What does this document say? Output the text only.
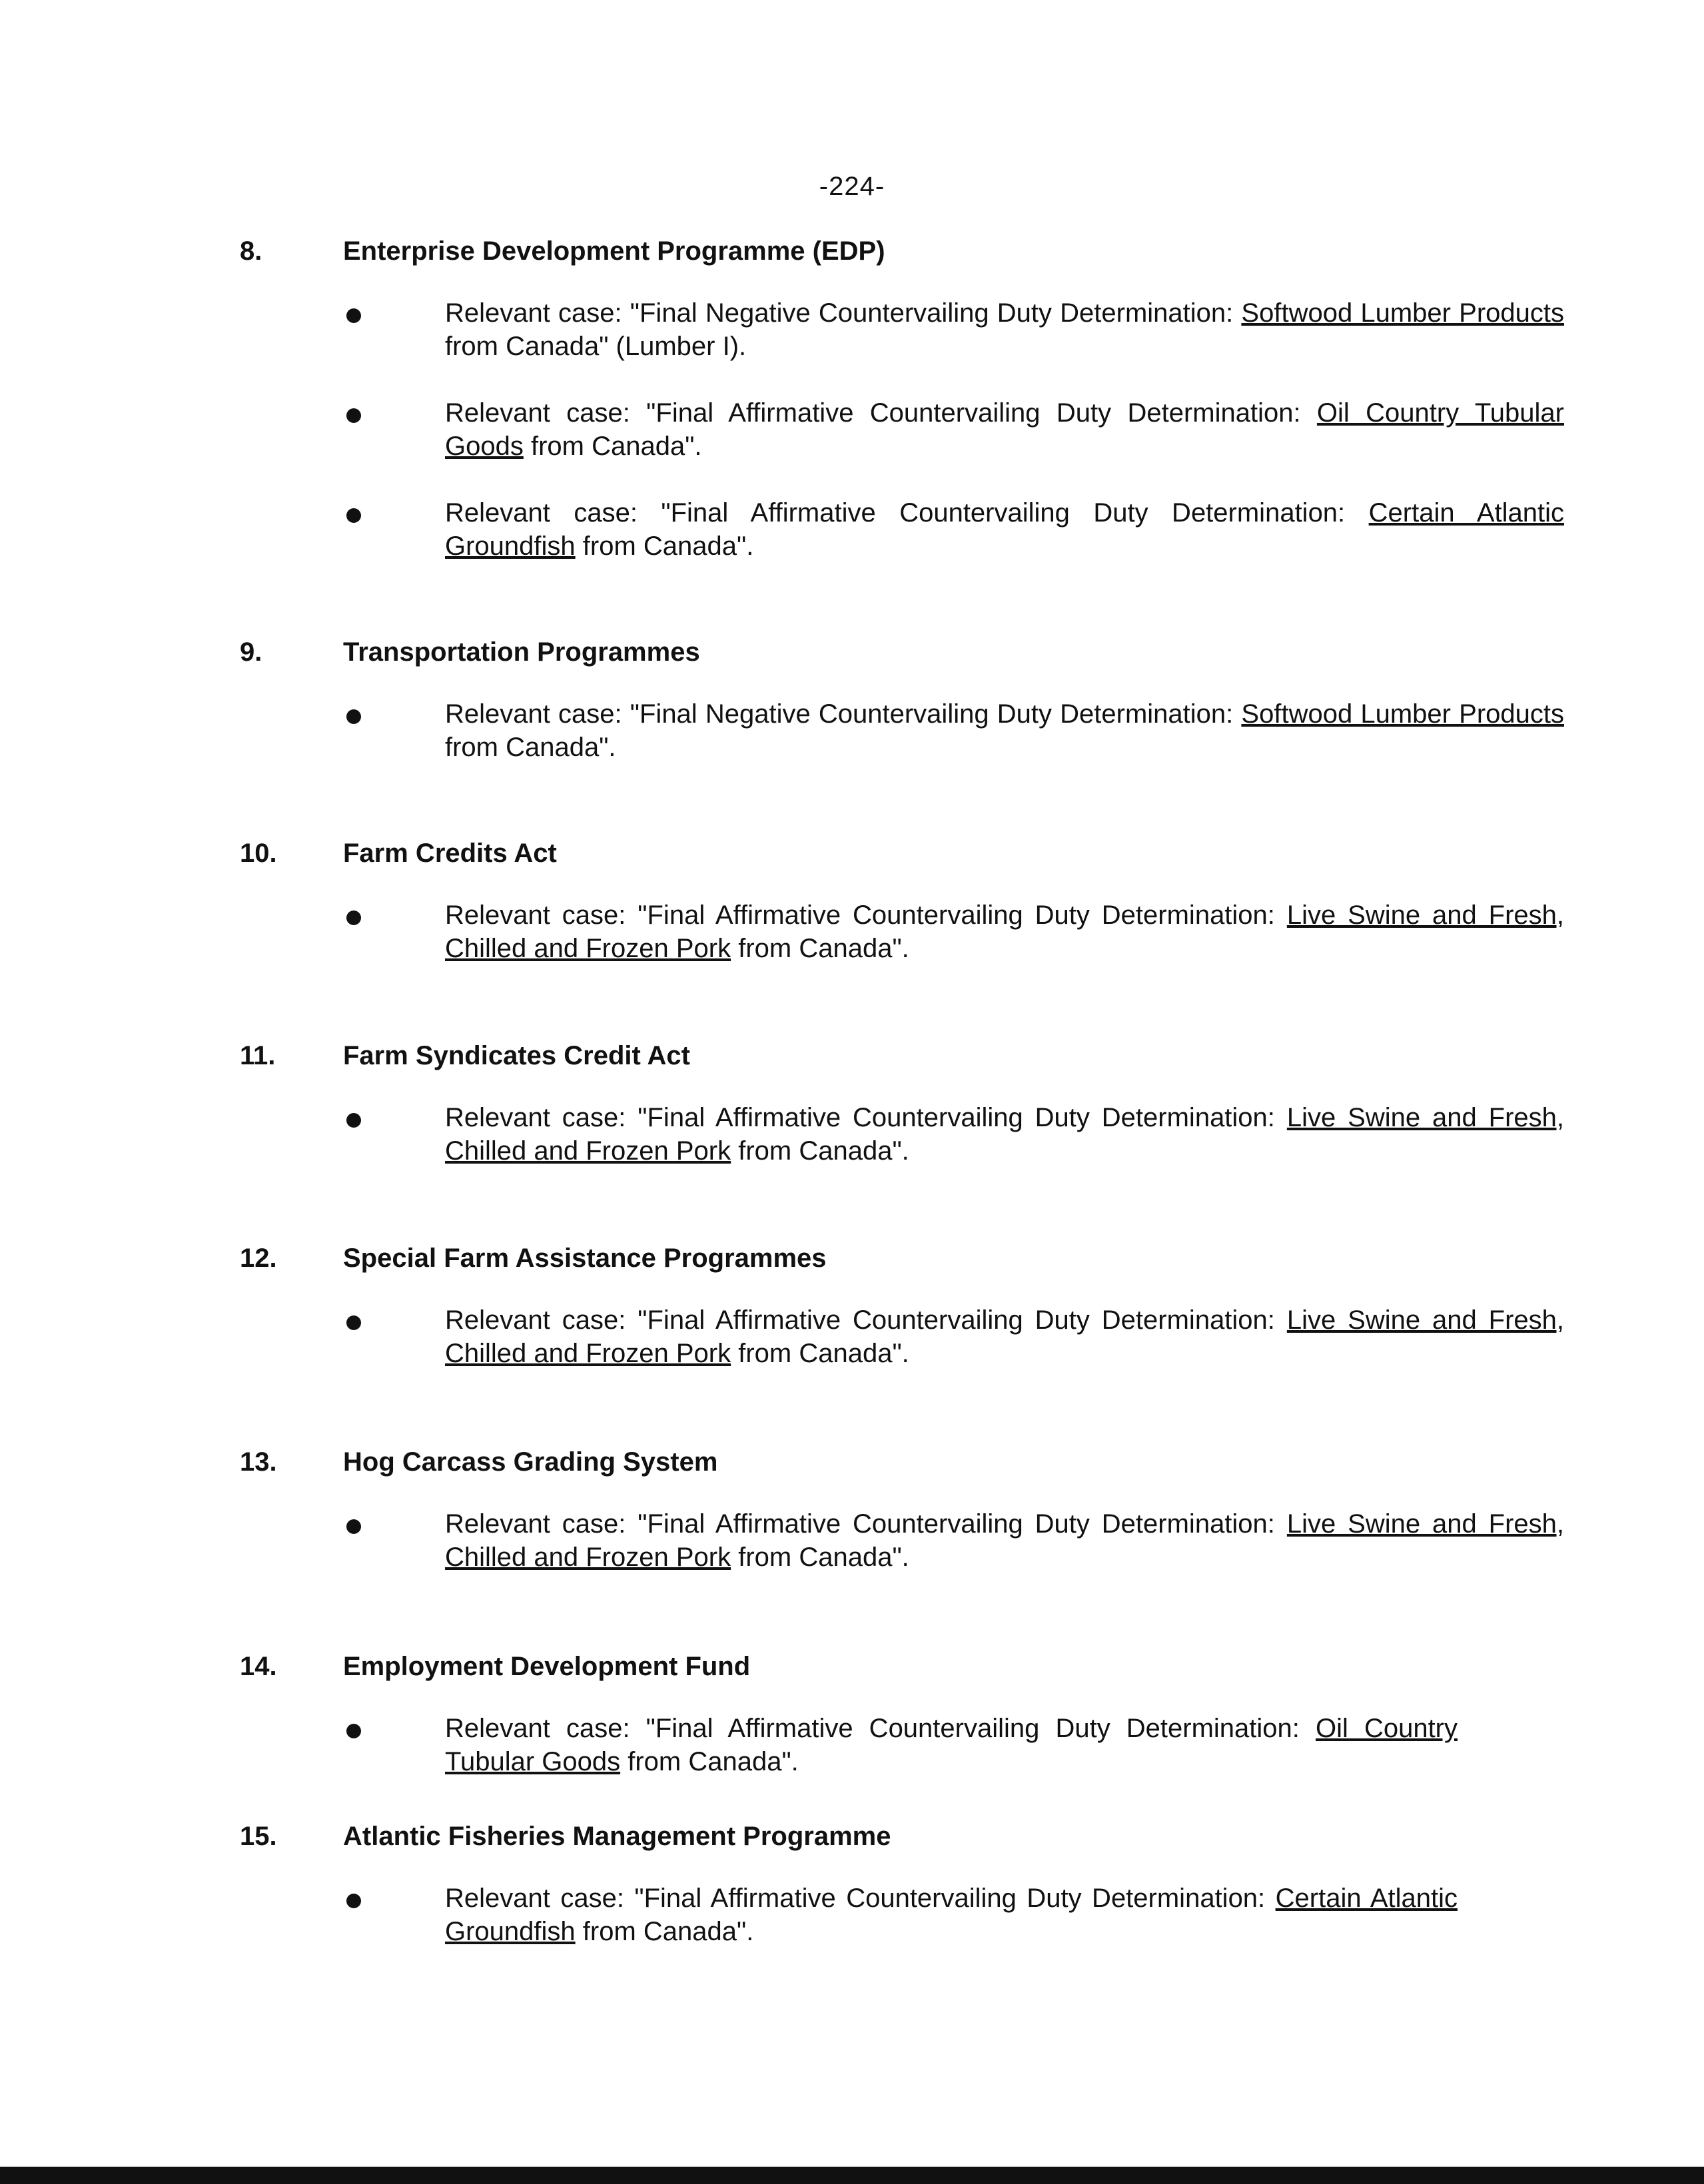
-224-
8.	Enterprise Development Programme (EDP)
Relevant case: "Final Negative Countervailing Duty Determination: Softwood Lumber Products from Canada" (Lumber I).
Relevant case: "Final Affirmative Countervailing Duty Determination: Oil Country Tubular Goods from Canada".
Relevant case: "Final Affirmative Countervailing Duty Determination: Certain Atlantic Groundfish from Canada".
9.	Transportation Programmes
Relevant case: "Final Negative Countervailing Duty Determination: Softwood Lumber Products from Canada".
10. Farm Credits Act
Relevant case: "Final Affirmative Countervailing Duty Determination: Live Swine and Fresh, Chilled and Frozen Pork from Canada".
11.	Farm Syndicates Credit Act
Relevant case: "Final Affirmative Countervailing Duty Determination: Live Swine and Fresh, Chilled and Frozen Pork from Canada".
12. Special Farm Assistance Programmes
Relevant case: "Final Affirmative Countervailing Duty Determination: Live Swine and Fresh, Chilled and Frozen Pork from Canada".
13. Hog Carcass Grading System
Relevant case: "Final Affirmative Countervailing Duty Determination: Live Swine and Fresh, Chilled and Frozen Pork from Canada".
14. Employment Development Fund
Relevant case: "Final Affirmative Countervailing Duty Determination: Oil Country Tubular Goods from Canada".
15. Atlantic Fisheries Management Programme
Relevant case: "Final Affirmative Countervailing Duty Determination: Certain Atlantic Groundfish from Canada".
